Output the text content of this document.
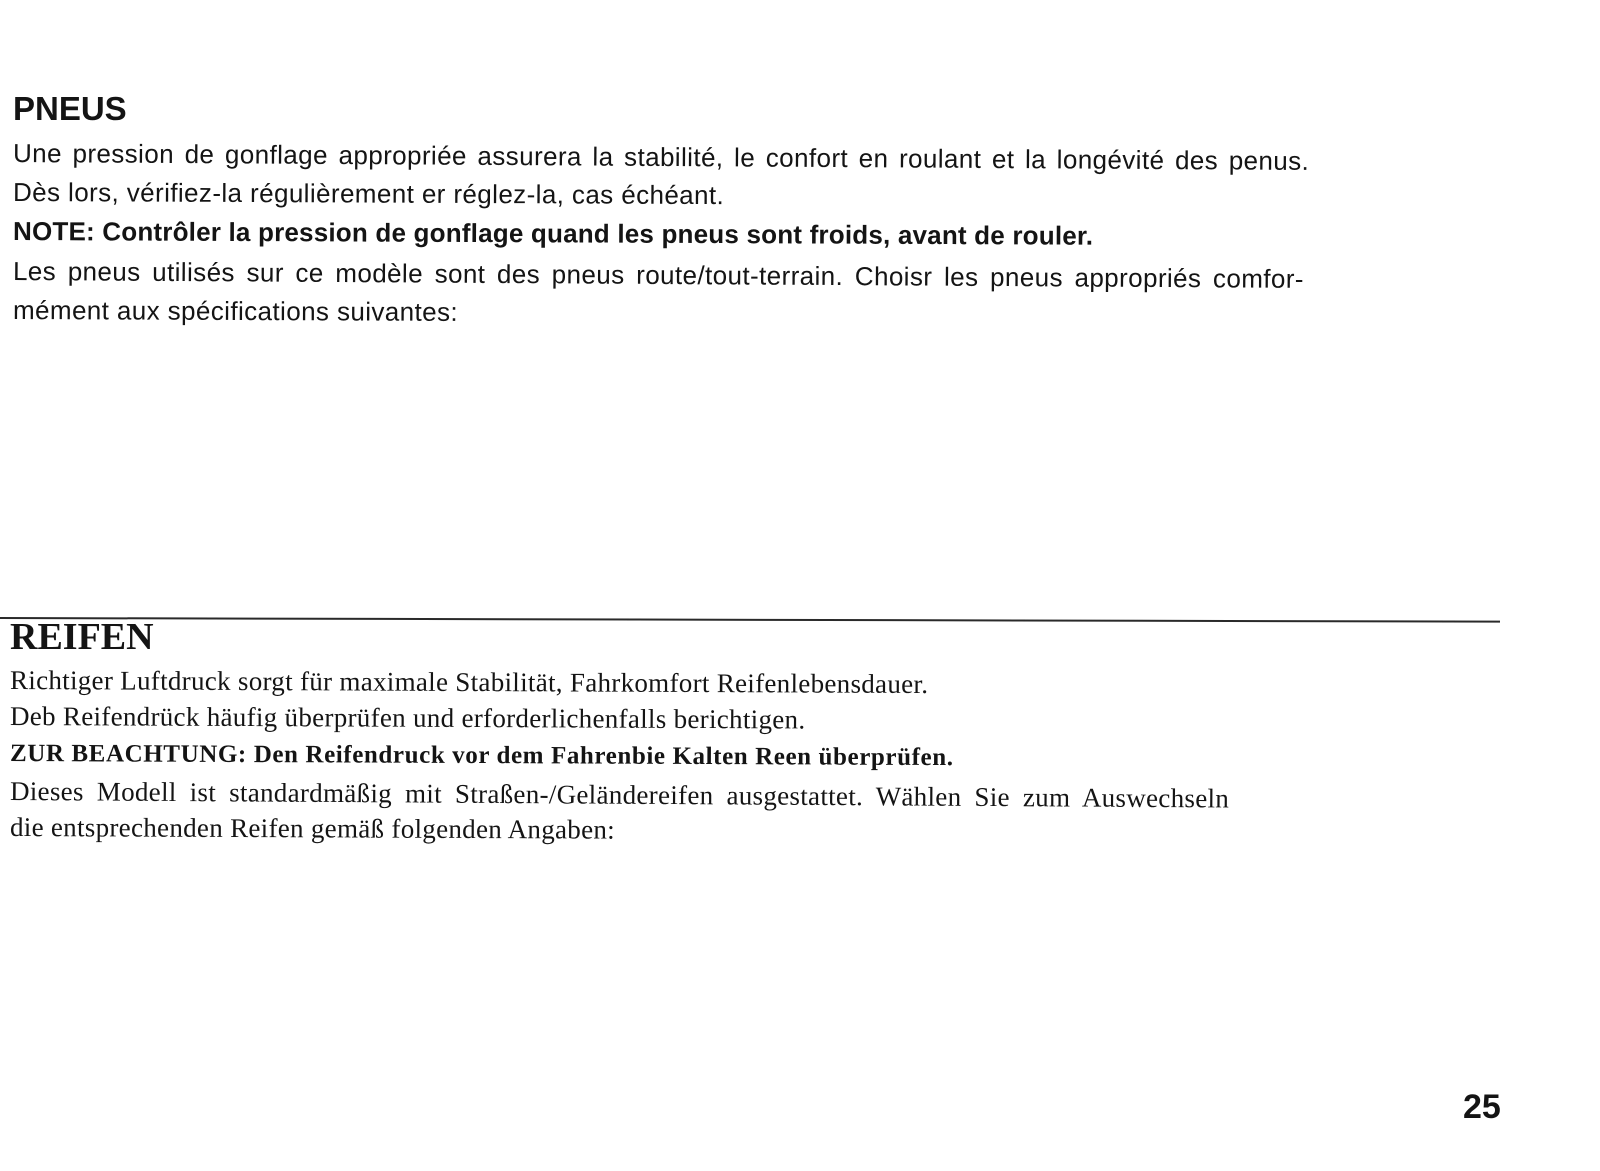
PNEUS

Une pression de gonflage appropriée assurera la stabilité, le confort en roulant et la longévité des penus.

Dès lors, vérifiez-la régulièrement er réglez-la, cas échéant.

NOTE: Contrôler la pression de gonflage quand les pneus sont froids, avant de rouler.

Les pneus utilisés sur ce modèle sont des pneus route/tout-terrain. Choisr les pneus appropriés comfor-

mément aux spécifications suivantes:

REIFEN

Richtiger Luftdruck sorgt für maximale Stabilität, Fahrkomfort Reifenlebensdauer.

Deb Reifendrück häufig überprüfen und erforderlichenfalls berichtigen.

ZUR BEACHTUNG: Den Reifendruck vor dem Fahrenbie Kalten Reen überprüfen.

Dieses Modell ist standardmäßig mit Straßen-/Geländereifen ausgestattet. Wählen Sie zum Auswechseln

die entsprechenden Reifen gemäß folgenden Angaben:

25
